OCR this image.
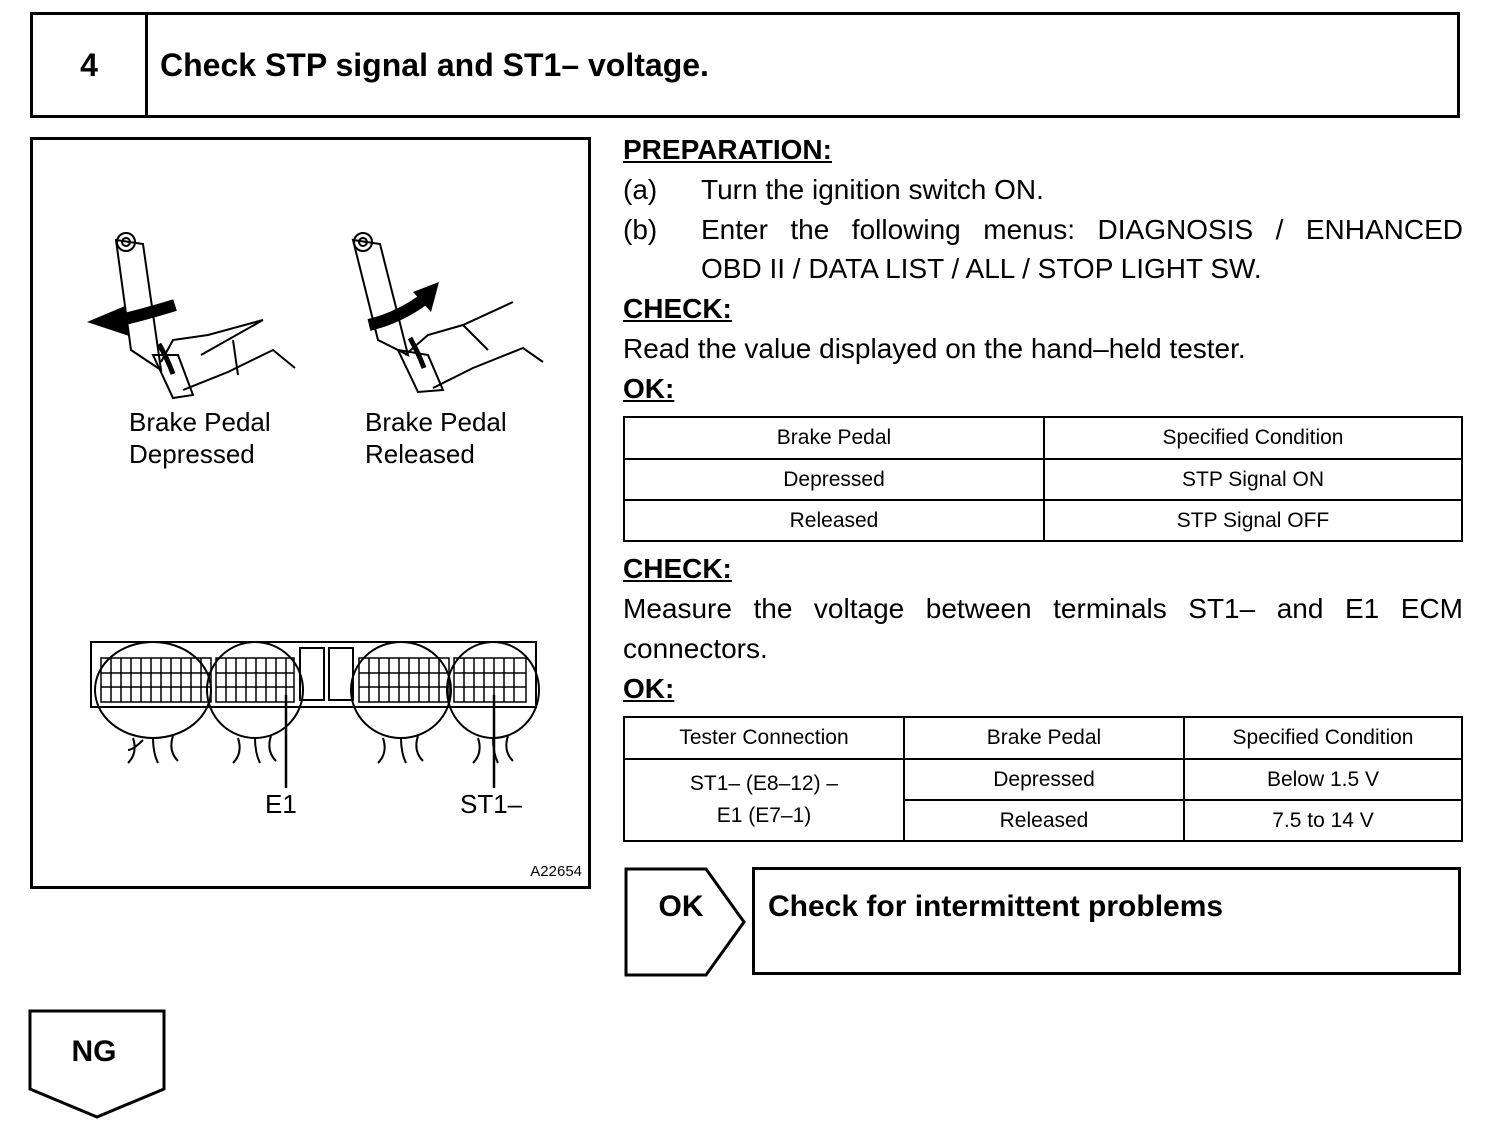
4	Check STP signal and ST1– voltage.
Brake Pedal
Depressed
Brake Pedal
Released
E1	ST1–
A22654
PREPARATION:
(a) Turn the ignition switch ON.
(b) Enter the following menus: DIAGNOSIS / ENHANCED
OBD II / DATA LIST / ALL / STOP LIGHT SW.
CHECK:
Read the value displayed on the hand–held tester.
OK:
Brake Pedal	Specified Condition
Depressed	STP Signal ON
Released	STP Signal OFF
CHECK:
Measure the voltage between terminals ST1– and E1 ECM
connectors.
OK:
Tester Connection	Brake Pedal	Specified Condition

ST1– (E8–12) –
E1 (E7–1)	Depressed	Below 1.5 V
	Released	7.5 to 14 V
OK	Check for intermittent problems
NG
